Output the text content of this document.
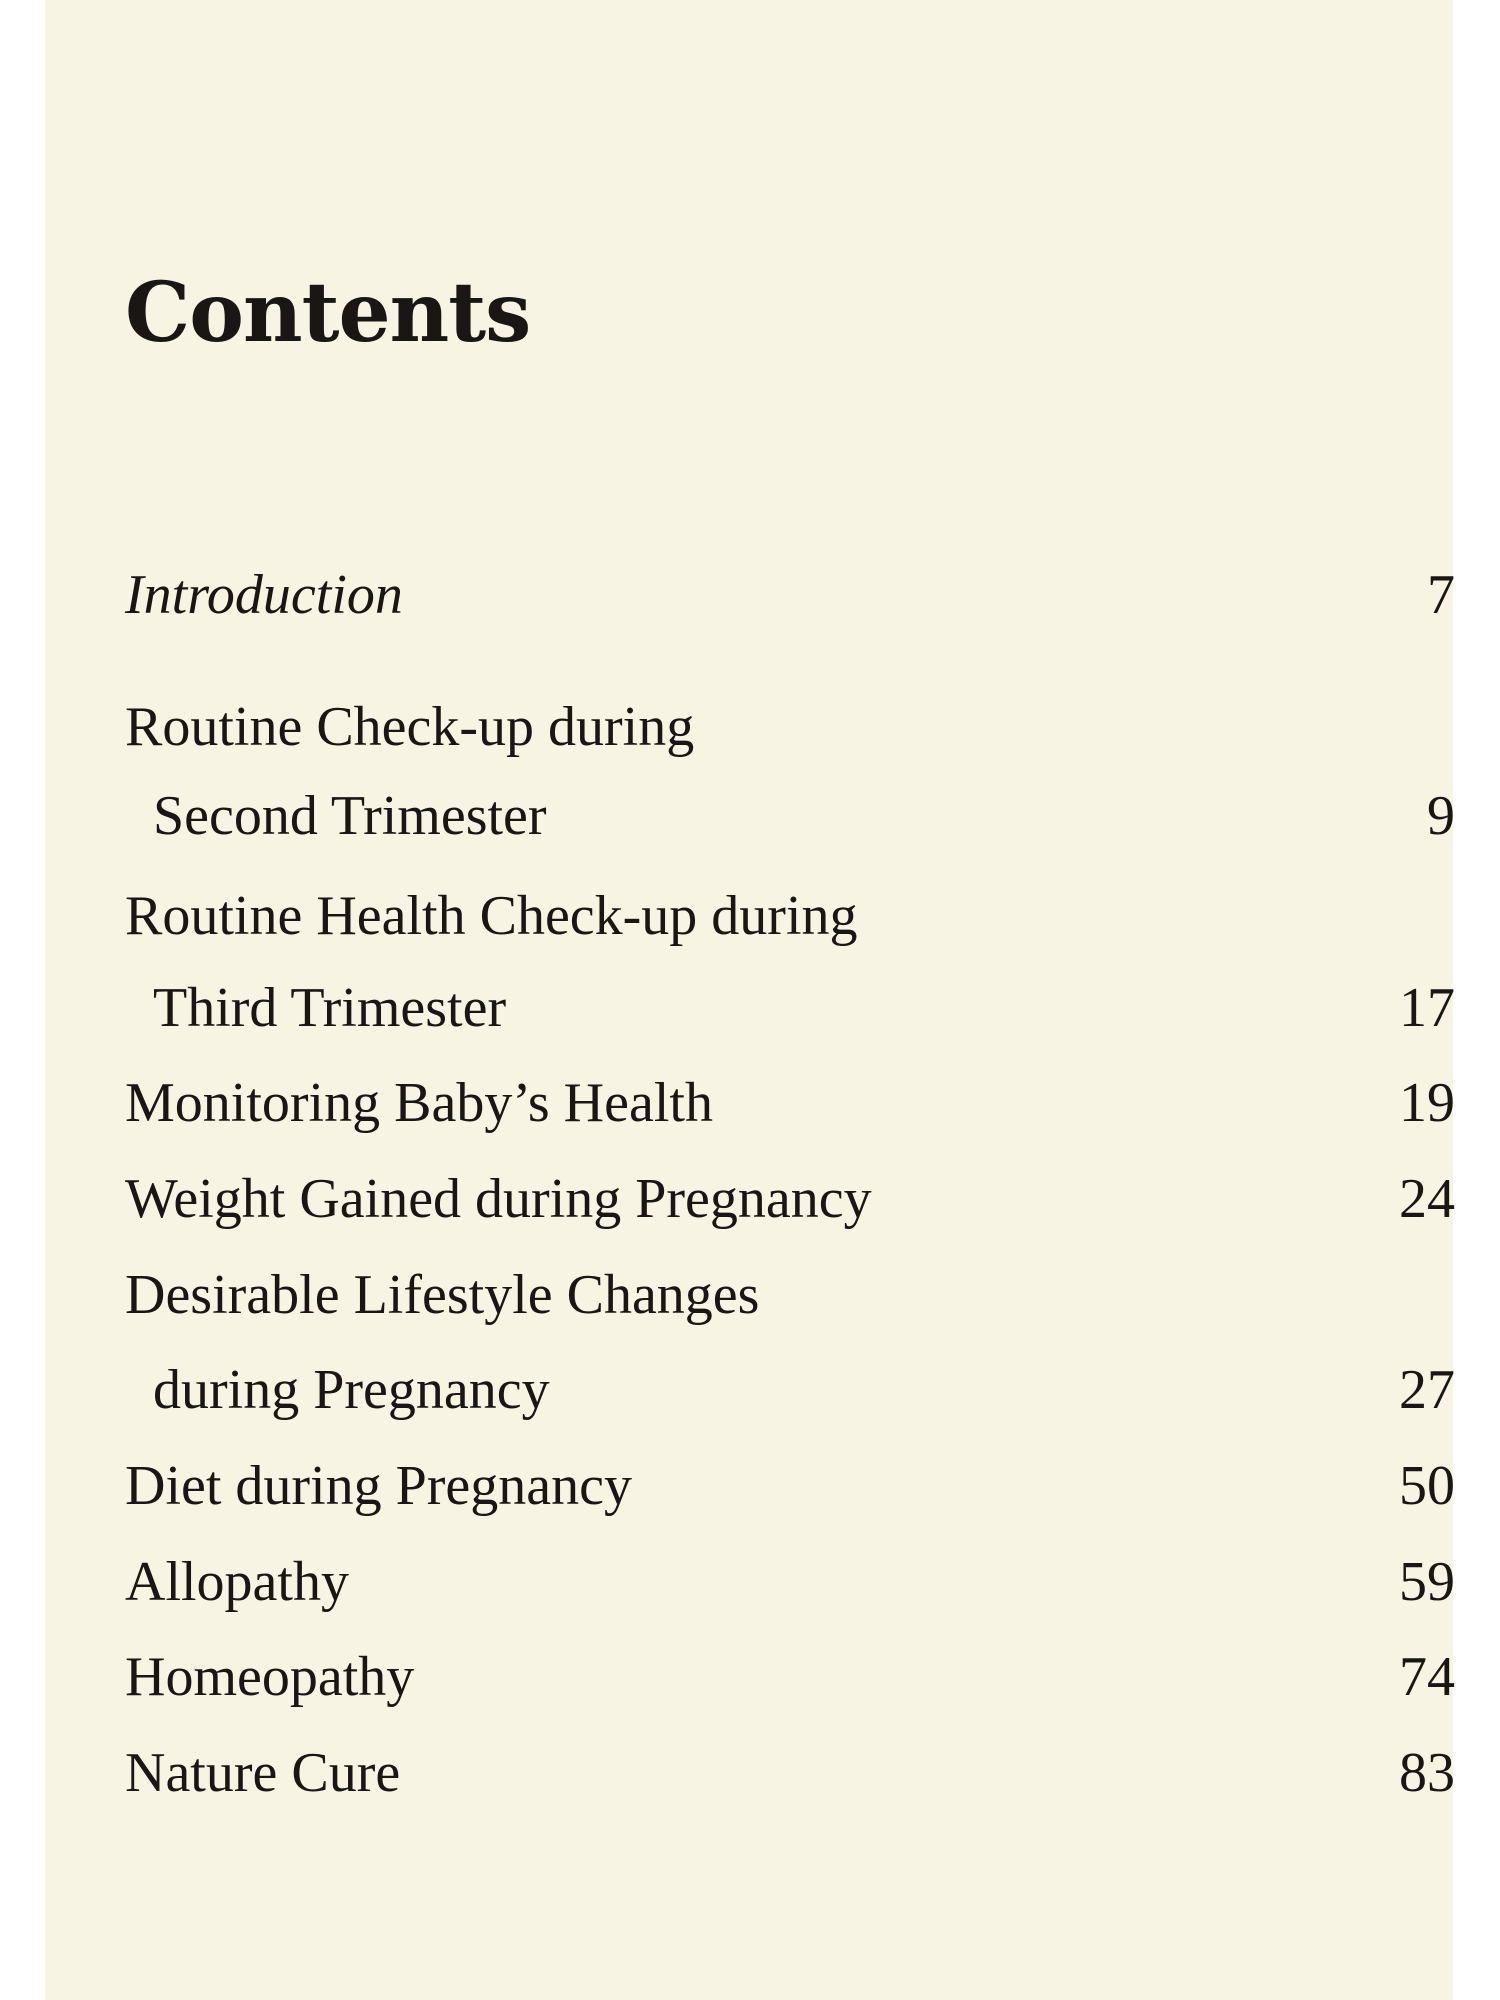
Contents
Introduction	7
Routine Check-up during
Second Trimester	9
Routine Health Check-up during
Third Trimester	17
Monitoring Baby’s Health	19
Weight Gained during Pregnancy	24
Desirable Lifestyle Changes
during Pregnancy	27
Diet during Pregnancy	50
Allopathy	59
Homeopathy	74
Nature Cure	83
